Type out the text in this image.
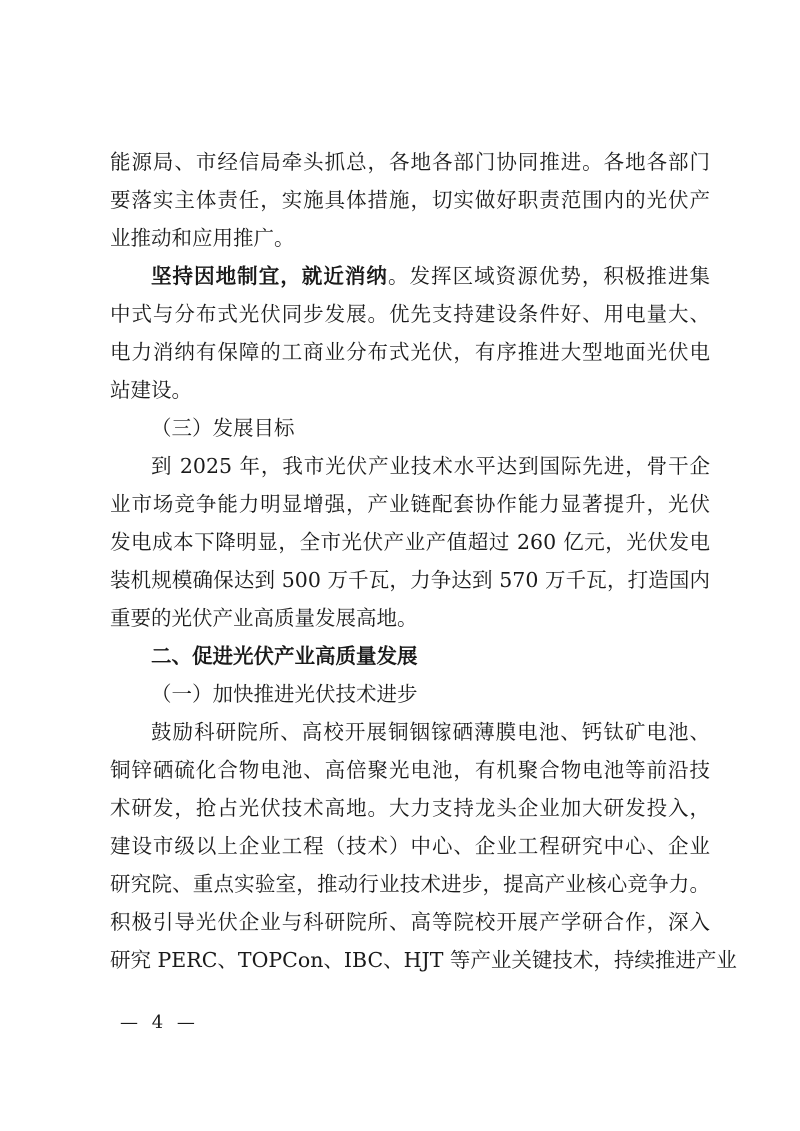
能源局、市经信局牵头抓总，各地各部门协同推进。各地各部门
要落实主体责任，实施具体措施，切实做好职责范围内的光伏产
业推动和应用推广。
坚持因地制宜，就近消纳。发挥区域资源优势，积极推进集
中式与分布式光伏同步发展。优先支持建设条件好、用电量大、
电力消纳有保障的工商业分布式光伏，有序推进大型地面光伏电
站建设。
（三）发展目标
到 2025 年，我市光伏产业技术水平达到国际先进，骨干企
业市场竞争能力明显增强，产业链配套协作能力显著提升，光伏
发电成本下降明显，全市光伏产业产值超过 260 亿元，光伏发电
装机规模确保达到 500 万千瓦，力争达到 570 万千瓦，打造国内
重要的光伏产业高质量发展高地。
二、促进光伏产业高质量发展
（一）加快推进光伏技术进步
鼓励科研院所、高校开展铜铟镓硒薄膜电池、钙钛矿电池、
铜锌硒硫化合物电池、高倍聚光电池，有机聚合物电池等前沿技
术研发，抢占光伏技术高地。大力支持龙头企业加大研发投入，
建设市级以上企业工程（技术）中心、企业工程研究中心、企业
研究院、重点实验室，推动行业技术进步，提高产业核心竞争力。
积极引导光伏企业与科研院所、高等院校开展产学研合作，深入
研究 PERC、TOPCon、IBC、HJT 等产业关键技术，持续推进产业
— 4 —
